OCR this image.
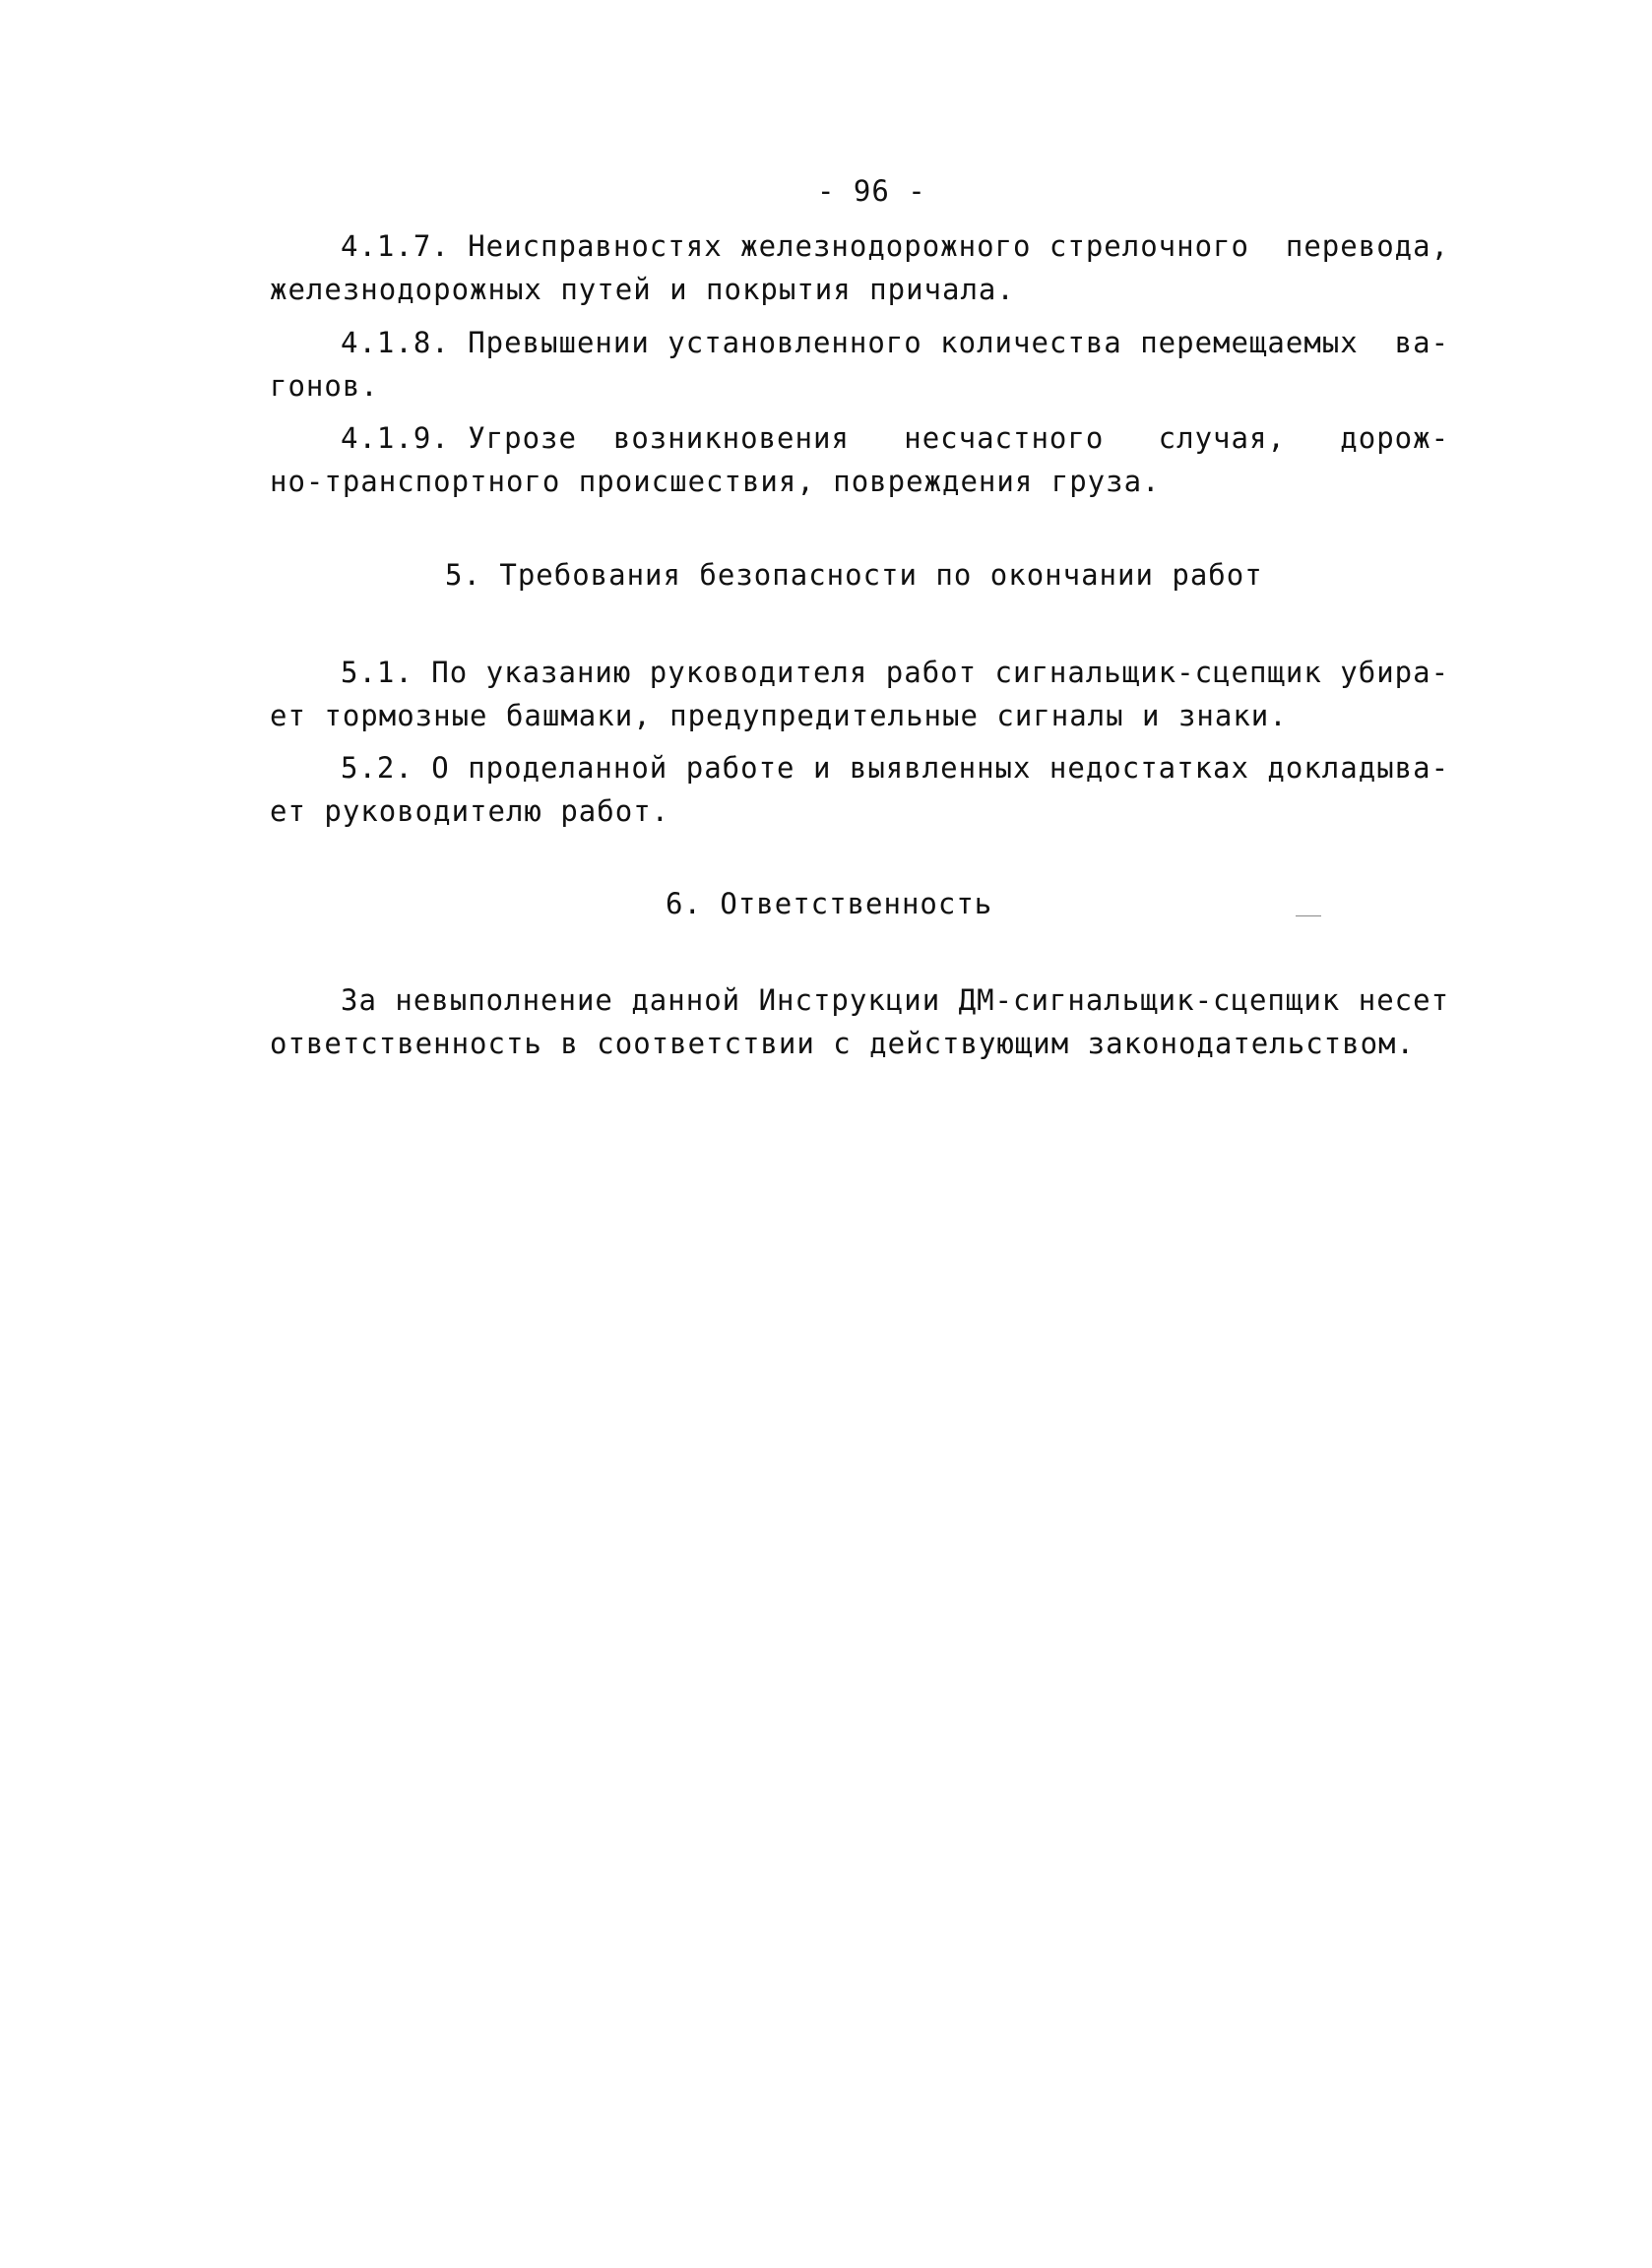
- 96 -
4.1.7. Неисправностях железнодорожного стрелочного  перевода,
железнодорожных путей и покрытия причала.
4.1.8. Превышении установленного количества перемещаемых  ва-
гонов.
4.1.9. Угрозе  возникновения   несчастного   случая,   дорож-
но-транспортного происшествия, повреждения груза.
5. Требования безопасности по окончании работ
5.1. По указанию руководителя работ сигнальщик-сцепщик убира-
ет тормозные башмаки, предупредительные сигналы и знаки.
5.2. О проделанной работе и выявленных недостатках докладыва-
ет руководителю работ.
6. Ответственность
За невыполнение данной Инструкции ДМ-сигнальщик-сцепщик несет
ответственность в соответствии с действующим законодательством.
